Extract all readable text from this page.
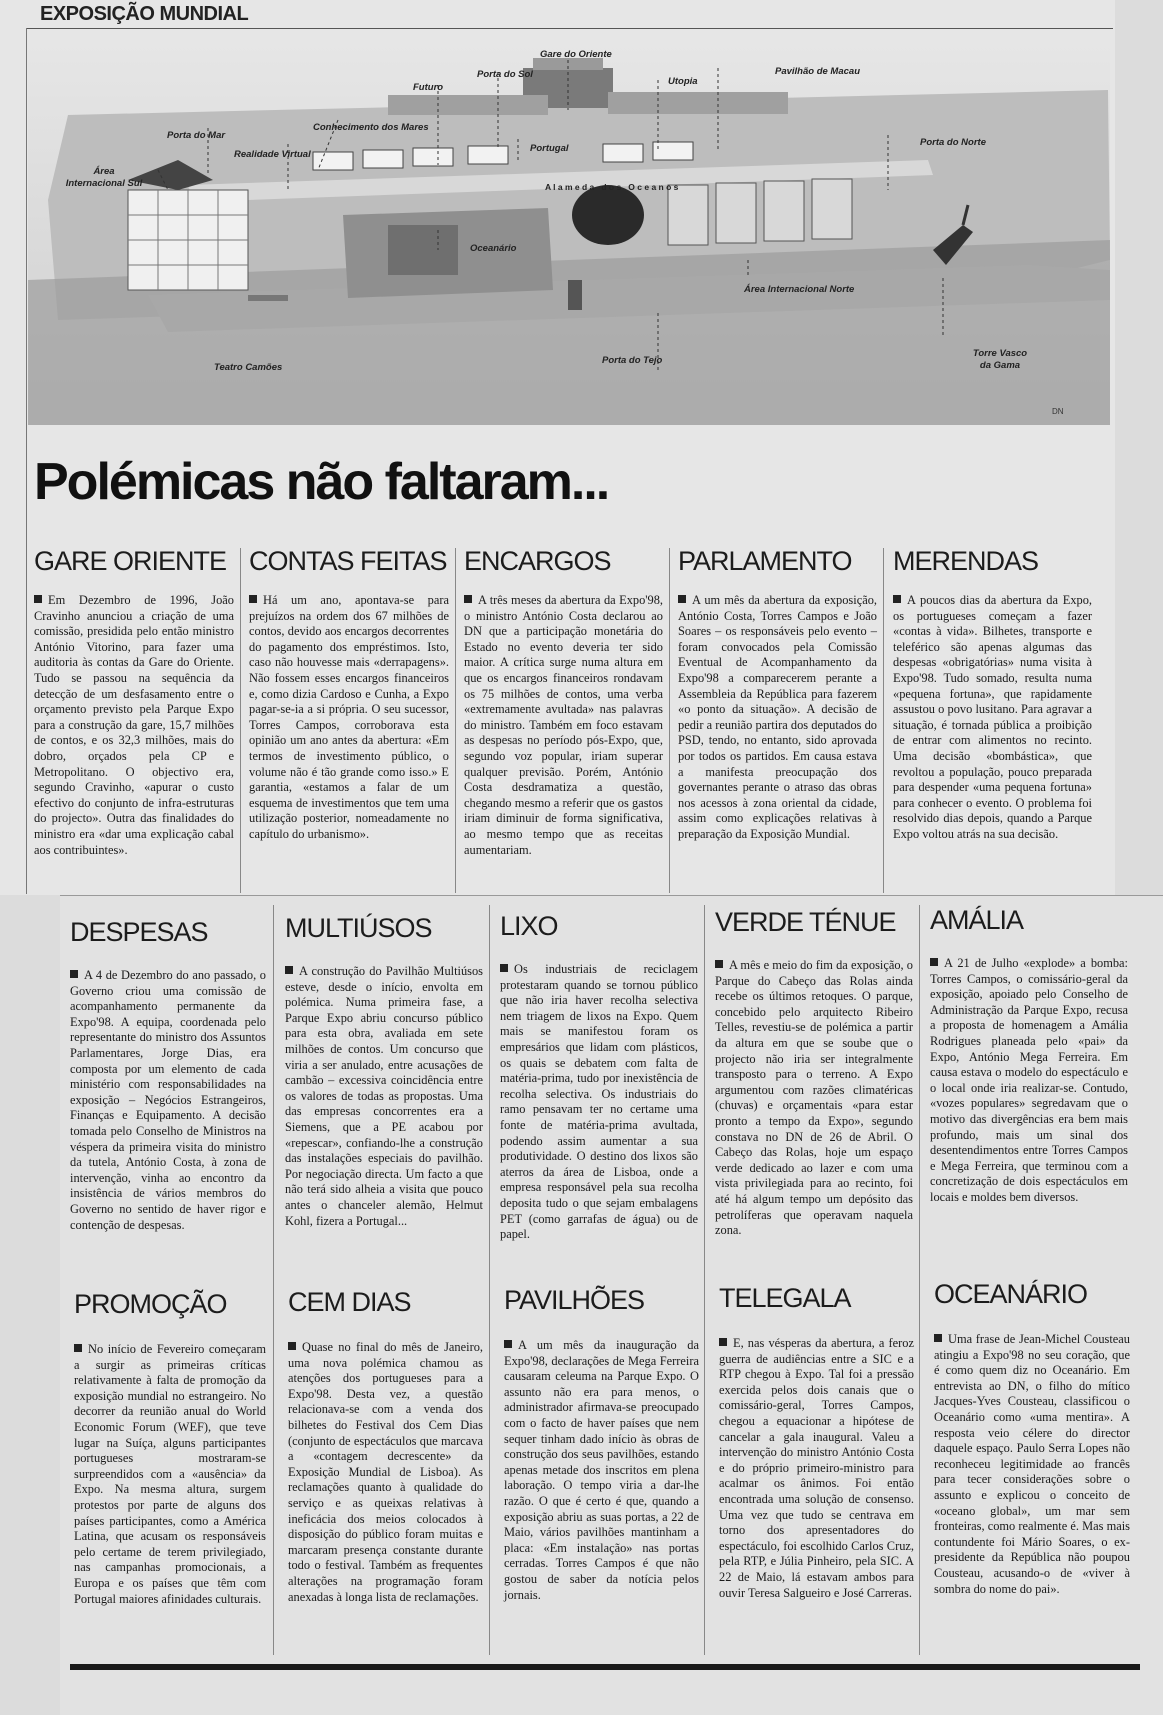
EXPOSIÇÃO MUNDIAL
Gare do Oriente
Futuro
Porta do Sol
Utopia
Pavilhão de Macau
Porta do Mar
Conhecimento dos Mares
Realidade Virtual
Portugal
Porta do Norte
Área Internacional Sul
Oceanário
A l a m e d a   d o s   O c e a n o s
Área Internacional Norte
Teatro Camões
Porta do Tejo
Torre Vasco da Gama
DN
Polémicas não faltaram...
GARE ORIENTE

Em Dezembro de 1996, João Cravinho anunciou a criação de uma comissão, presidida pelo então ministro António Vitorino, para fazer uma auditoria às contas da Gare do Oriente. Tudo se passou na sequência da detecção de um desfasamento entre o orçamento previsto pela Parque Expo para a construção da gare, 15,7 milhões de contos, e os 32,3 milhões, mais do dobro, orçados pela CP e Metropolitano. O objectivo era, segundo Cravinho, «apurar o custo efectivo do conjunto de infra-estruturas do projecto». Outra das finalidades do ministro era «dar uma explicação cabal aos contribuintes».

CONTAS FEITAS

Há um ano, apontava-se para prejuízos na ordem dos 67 milhões de contos, devido aos encargos decorrentes do pagamento dos empréstimos. Isto, caso não houvesse mais «derrapagens». Não fossem esses encargos financeiros e, como dizia Cardoso e Cunha, a Expo pagar-se-ia a si própria. O seu sucessor, Torres Campos, corroborava esta opinião um ano antes da abertura: «Em termos de investimento público, o volume não é tão grande como isso.» E garantia, «estamos a falar de um esquema de investimentos que tem uma utilização posterior, nomeadamente no capítulo do urbanismo».

ENCARGOS

A três meses da abertura da Expo'98, o ministro António Costa declarou ao DN que a participação monetária do Estado no evento deveria ter sido maior. A crítica surge numa altura em que os encargos financeiros rondavam os 75 milhões de contos, uma verba «extremamente avultada» nas palavras do ministro. Também em foco estavam as despesas no período pós-Expo, que, segundo voz popular, iriam superar qualquer previsão. Porém, António Costa desdramatiza a questão, chegando mesmo a referir que os gastos iriam diminuir de forma significativa, ao mesmo tempo que as receitas aumentariam.

PARLAMENTO

A um mês da abertura da exposição, António Costa, Torres Campos e João Soares – os responsáveis pelo evento – foram convocados pela Comissão Eventual de Acompanhamento da Expo'98 a comparecerem perante a Assembleia da República para fazerem «o ponto da situação». A decisão de pedir a reunião partira dos deputados do PSD, tendo, no entanto, sido aprovada por todos os partidos. Em causa estava a manifesta preocupação dos governantes perante o atraso das obras nos acessos à zona oriental da cidade, assim como explicações relativas à preparação da Exposição Mundial.

MERENDAS

A poucos dias da abertura da Expo, os portugueses começam a fazer «contas à vida». Bilhetes, transporte e teleférico são apenas algumas das despesas «obrigatórias» numa visita à Expo'98. Tudo somado, resulta numa «pequena fortuna», que rapidamente assustou o povo lusitano. Para agravar a situação, é tornada pública a proibição de entrar com alimentos no recinto. Uma decisão «bombástica», que revoltou a população, pouco preparada para despender «uma pequena fortuna» para conhecer o evento. O problema foi resolvido dias depois, quando a Parque Expo voltou atrás na sua decisão.

DESPESAS

A 4 de Dezembro do ano passado, o Governo criou uma comissão de acompanhamento permanente da Expo'98. A equipa, coordenada pelo representante do ministro dos Assuntos Parlamentares, Jorge Dias, era composta por um elemento de cada ministério com responsabilidades na exposição – Negócios Estrangeiros, Finanças e Equipamento. A decisão tomada pelo Conselho de Ministros na véspera da primeira visita do ministro da tutela, António Costa, à zona de intervenção, vinha ao encontro da insistência de vários membros do Governo no sentido de haver rigor e contenção de despesas.

MULTIÚSOS

A construção do Pavilhão Multiúsos esteve, desde o início, envolta em polémica. Numa primeira fase, a Parque Expo abriu concurso público para esta obra, avaliada em sete milhões de contos. Um concurso que viria a ser anulado, entre acusações de cambão – excessiva coincidência entre os valores de todas as propostas. Uma das empresas concorrentes era a Siemens, que a PE acabou por «repescar», confiando-lhe a construção das instalações especiais do pavilhão. Por negociação directa. Um facto a que não terá sido alheia a visita que pouco antes o chanceler alemão, Helmut Kohl, fizera a Portugal...

LIXO

Os industriais de reciclagem protestaram quando se tornou público que não iria haver recolha selectiva nem triagem de lixos na Expo. Quem mais se manifestou foram os empresários que lidam com plásticos, os quais se debatem com falta de matéria-prima, tudo por inexistência de recolha selectiva. Os industriais do ramo pensavam ter no certame uma fonte de matéria-prima avultada, podendo assim aumentar a sua produtividade. O destino dos lixos são aterros da área de Lisboa, onde a empresa responsável pela sua recolha deposita tudo o que sejam embalagens PET (como garrafas de água) ou de papel.

VERDE TÉNUE

A mês e meio do fim da exposição, o Parque do Cabeço das Rolas ainda recebe os últimos retoques. O parque, concebido pelo arquitecto Ribeiro Telles, revestiu-se de polémica a partir da altura em que se soube que o projecto não iria ser integralmente transposto para o terreno. A Expo argumentou com razões climatéricas (chuvas) e orçamentais «para estar pronto a tempo da Expo», segundo constava no DN de 26 de Abril. O Cabeço das Rolas, hoje um espaço verde dedicado ao lazer e com uma vista privilegiada para ao recinto, foi até há algum tempo um depósito das petrolíferas que operavam naquela zona.

AMÁLIA

A 21 de Julho «explode» a bomba: Torres Campos, o comissário-geral da exposição, apoiado pelo Conselho de Administração da Parque Expo, recusa a proposta de homenagem a Amália Rodrigues planeada pelo «pai» da Expo, António Mega Ferreira. Em causa estava o modelo do espectáculo e o local onde iria realizar-se. Contudo, «vozes populares» segredavam que o motivo das divergências era bem mais profundo, mais um sinal dos desentendimentos entre Torres Campos e Mega Ferreira, que terminou com a concretização de dois espectáculos em locais e moldes bem diversos.

PROMOÇÃO

No início de Fevereiro começaram a surgir as primeiras críticas relativamente à falta de promoção da exposição mundial no estrangeiro. No decorrer da reunião anual do World Economic Forum (WEF), que teve lugar na Suíça, alguns participantes portugueses mostraram-se surpreendidos com a «ausência» da Expo. Na mesma altura, surgem protestos por parte de alguns dos países participantes, como a América Latina, que acusam os responsáveis pelo certame de terem privilegiado, nas campanhas promocionais, a Europa e os países que têm com Portugal maiores afinidades culturais.

CEM DIAS

Quase no final do mês de Janeiro, uma nova polémica chamou as atenções dos portugueses para a Expo'98. Desta vez, a questão relacionava-se com a venda dos bilhetes do Festival dos Cem Dias (conjunto de espectáculos que marcava a «contagem decrescente» da Exposição Mundial de Lisboa). As reclamações quanto à qualidade do serviço e as queixas relativas à ineficácia dos meios colocados à disposição do público foram muitas e marcaram presença constante durante todo o festival. Também as frequentes alterações na programação foram anexadas à longa lista de reclamações.

PAVILHÕES

A um mês da inauguração da Expo'98, declarações de Mega Ferreira causaram celeuma na Parque Expo. O assunto não era para menos, o administrador afirmava-se preocupado com o facto de haver países que nem sequer tinham dado início às obras de construção dos seus pavilhões, estando apenas metade dos inscritos em plena laboração. O tempo viria a dar-lhe razão. O que é certo é que, quando a exposição abriu as suas portas, a 22 de Maio, vários pavilhões mantinham a placa: «Em instalação» nas portas cerradas. Torres Campos é que não gostou de saber da notícia pelos jornais.

TELEGALA

E, nas vésperas da abertura, a feroz guerra de audiências entre a SIC e a RTP chegou à Expo. Tal foi a pressão exercida pelos dois canais que o comissário-geral, Torres Campos, chegou a equacionar a hipótese de cancelar a gala inaugural. Valeu a intervenção do ministro António Costa e do próprio primeiro-ministro para acalmar os ânimos. Foi então encontrada uma solução de consenso. Uma vez que tudo se centrava em torno dos apresentadores do espectáculo, foi escolhido Carlos Cruz, pela RTP, e Júlia Pinheiro, pela SIC. A 22 de Maio, lá estavam ambos para ouvir Teresa Salgueiro e José Carreras.

OCEANÁRIO

Uma frase de Jean-Michel Cousteau atingiu a Expo'98 no seu coração, que é como quem diz no Oceanário. Em entrevista ao DN, o filho do mítico Jacques-Yves Cousteau, classificou o Oceanário como «uma mentira». A resposta veio célere do director daquele espaço. Paulo Serra Lopes não reconheceu legitimidade ao francês para tecer considerações sobre o assunto e explicou o conceito de «oceano global», um mar sem fronteiras, como realmente é. Mas mais contundente foi Mário Soares, o ex-presidente da República não poupou Cousteau, acusando-o de «viver à sombra do nome do pai».
